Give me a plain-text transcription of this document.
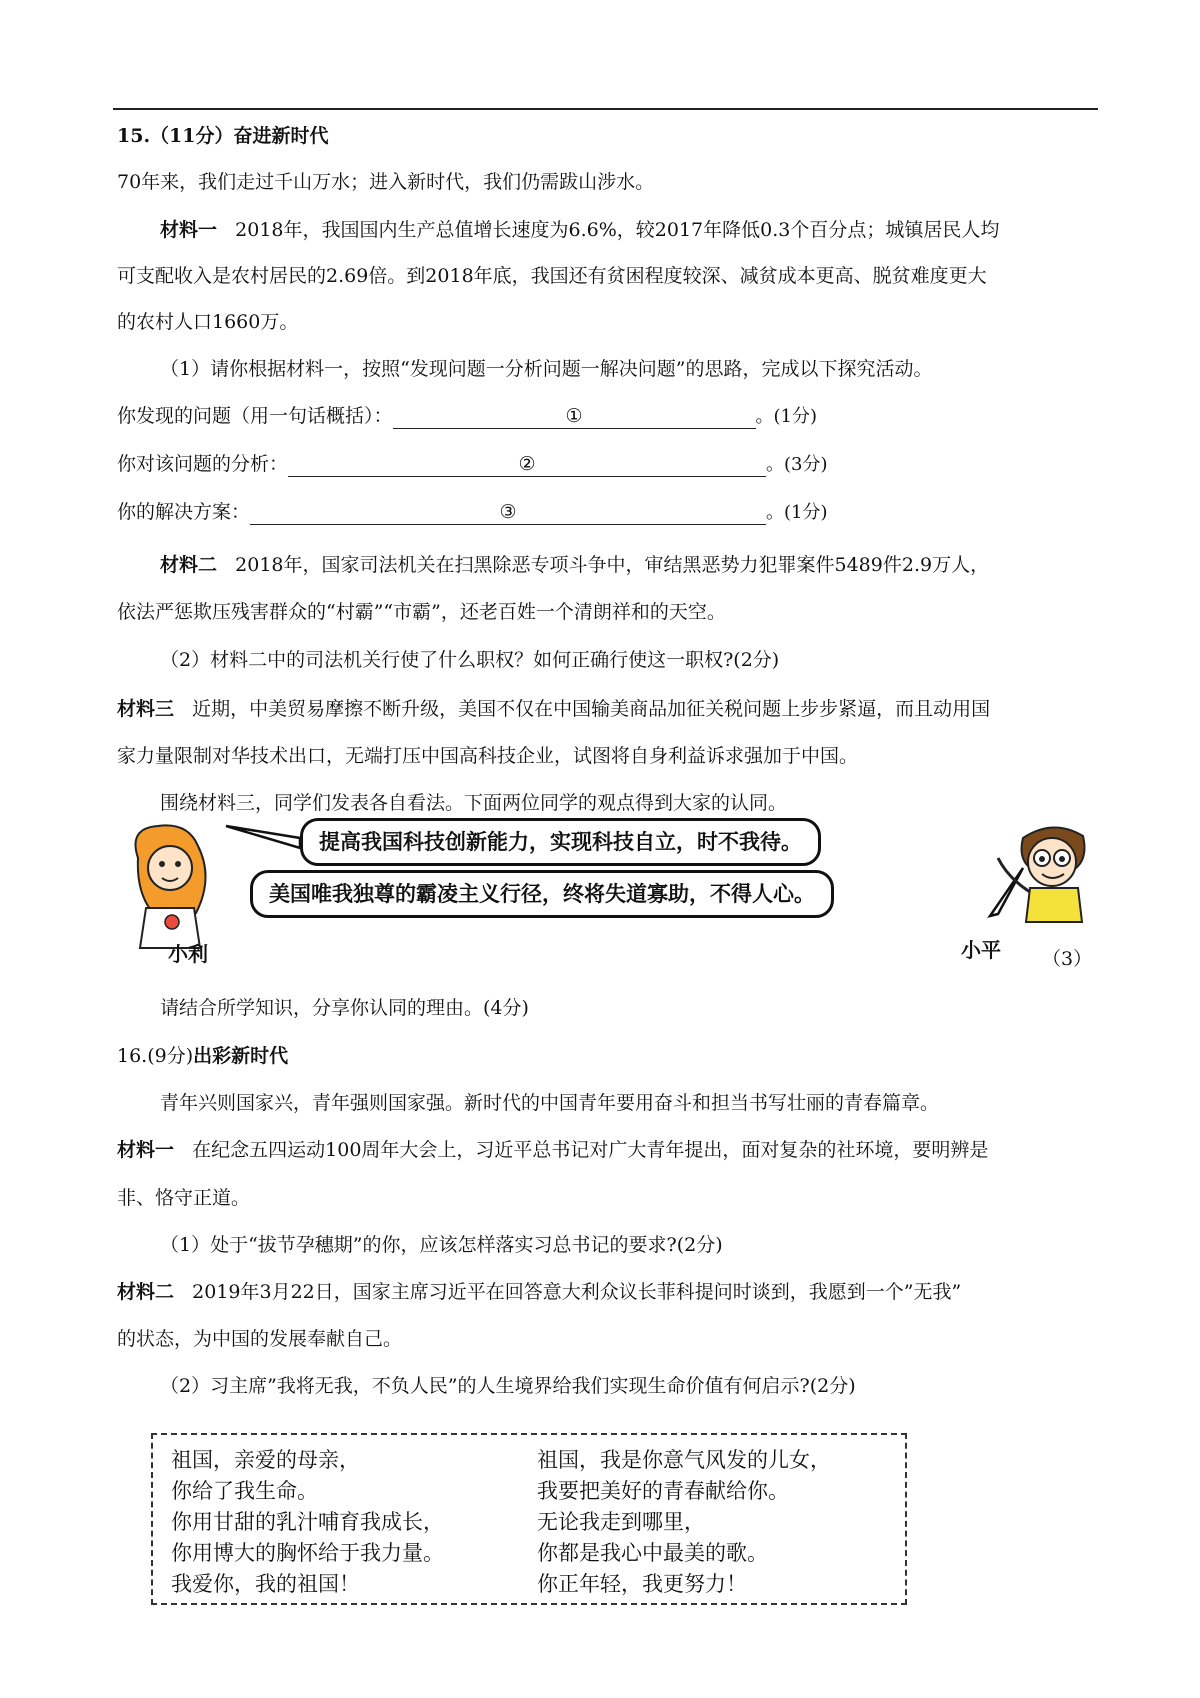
15.（11分）奋进新时代
70年来，我们走过千山万水；进入新时代，我们仍需跋山涉水。
材料一 2018年，我国国内生产总值增长速度为6.6%，较2017年降低0.3个百分点；城镇居民人均
可支配收入是农村居民的2.69倍。到2018年底，我国还有贫困程度较深、减贫成本更高、脱贫难度更大
的农村人口1660万。
（1）请你根据材料一，按照“发现问题一分析问题一解决问题”的思路，完成以下探究活动。
你发现的问题（用一句话概括）：	①	。(1分)
你对该问题的分析：	②	。(3分)
你的解决方案：	③	。(1分)
材料二 2018年，国家司法机关在扫黑除恶专项斗争中，审结黑恶势力犯罪案件5489件2.9万人，
依法严惩欺压残害群众的“村霸”“市霸”，还老百姓一个清朗祥和的天空。
（2）材料二中的司法机关行使了什么职权？如何正确行使这一职权?(2分)
材料三 近期，中美贸易摩擦不断升级，美国不仅在中国输美商品加征关税问题上步步紧逼，而且动用国
家力量限制对华技术出口，无端打压中国高科技企业，试图将自身利益诉求强加于中国。
围绕材料三，同学们发表各自看法。下面两位同学的观点得到大家的认同。
提高我国科技创新能力，实现科技自立，时不我待。
美国唯我独尊的霸凌主义行径，终将失道寡助，不得人心。
小利	小平 （3）
请结合所学知识，分享你认同的理由。(4分)
16.(9分)出彩新时代
青年兴则国家兴，青年强则国家强。新时代的中国青年要用奋斗和担当书写壮丽的青春篇章。
材料一 在纪念五四运动100周年大会上，习近平总书记对广大青年提出，面对复杂的社环境，要明辨是
非、恪守正道。
（1）处于“拔节孕穗期”的你，应该怎样落实习总书记的要求?(2分)
材料二 2019年3月22日，国家主席习近平在回答意大利众议长菲科提问时谈到，我愿到一个”无我”
的状态，为中国的发展奉献自己。
（2）习主席”我将无我，不负人民”的人生境界给我们实现生命价值有何启示?(2分)
祖国，亲爱的母亲，
你给了我生命。
你用甘甜的乳汁哺育我成长，
你用博大的胸怀给于我力量。
我爱你，我的祖国！
祖国，我是你意气风发的儿女，
我要把美好的青春献给你。
无论我走到哪里，
你都是我心中最美的歌。
你正年轻，我更努力！
